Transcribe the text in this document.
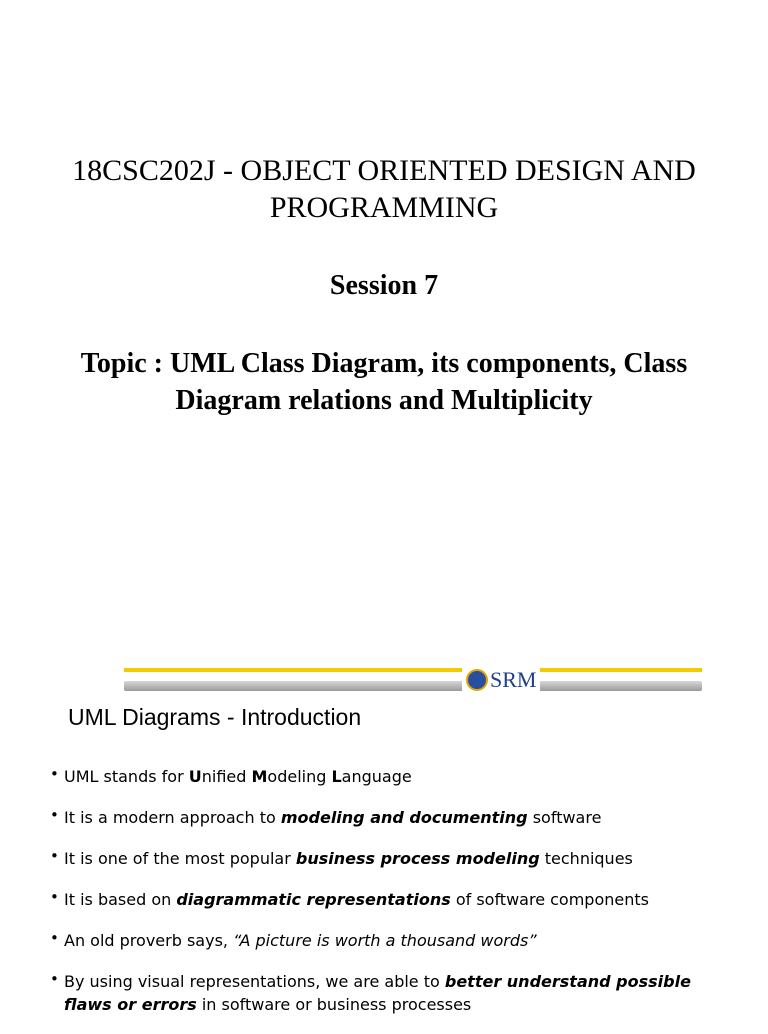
18CSC202J - OBJECT ORIENTED DESIGN AND PROGRAMMING
Session 7
Topic : UML Class Diagram, its components, Class Diagram relations and Multiplicity
SRM
UML Diagrams - Introduction
• UML stands for Unified Modeling Language
• It is a modern approach to modeling and documenting software
• It is one of the most popular business process modeling techniques
• It is based on diagrammatic representations of software components
• An old proverb says, “A picture is worth a thousand words”
• By using visual representations, we are able to better understand possible flaws or errors in software or business processes
